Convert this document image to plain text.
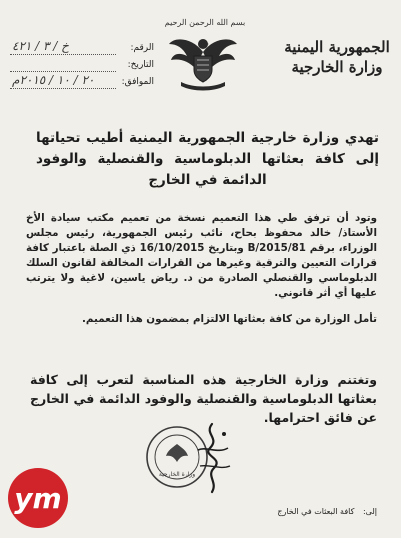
الجمهورية اليمنية
وزارة الخارجية
بسم الله الرحمن الرحيم
الرقم:
خ / ٣ / ٤٢١
التاريخ:
الموافق:
٢٠ / ١٠ / ٢٠١٥م
تهدي وزارة خارجية الجمهورية اليمنية أطيب تحياتها إلى كافة بعثاتها الدبلوماسية والقنصلية والوفود الدائمة في الخارج
وتود أن ترفق طي هذا التعميم نسخة من تعميم مكتب سيادة الأخ الأستاذ/ خالد محفوظ بحاح، نائب رئيس الجمهورية، رئيس مجلس الوزراء، برقم 81/B/2015 وبتاريخ 16/10/2015 ذي الصلة باعتبار كافة قرارات التعيين والترقية وغيرها من القرارات المخالفة لقانون السلك الدبلوماسي والقنصلي الصادرة من د. رياض ياسين، لاغية ولا يترتب عليها أي أثر قانوني.
تأمل الوزارة من كافة بعثاتها الالتزام بمضمون هذا التعميم.
وتغتنم وزارة الخارجية هذه المناسبة لتعرب إلى كافة بعثاتها الدبلوماسية والقنصلية والوفود الدائمة في الخارج عن فائق احترامها.
وزارة الخارجية
إلى: كافة البعثات في الخارج
ym
